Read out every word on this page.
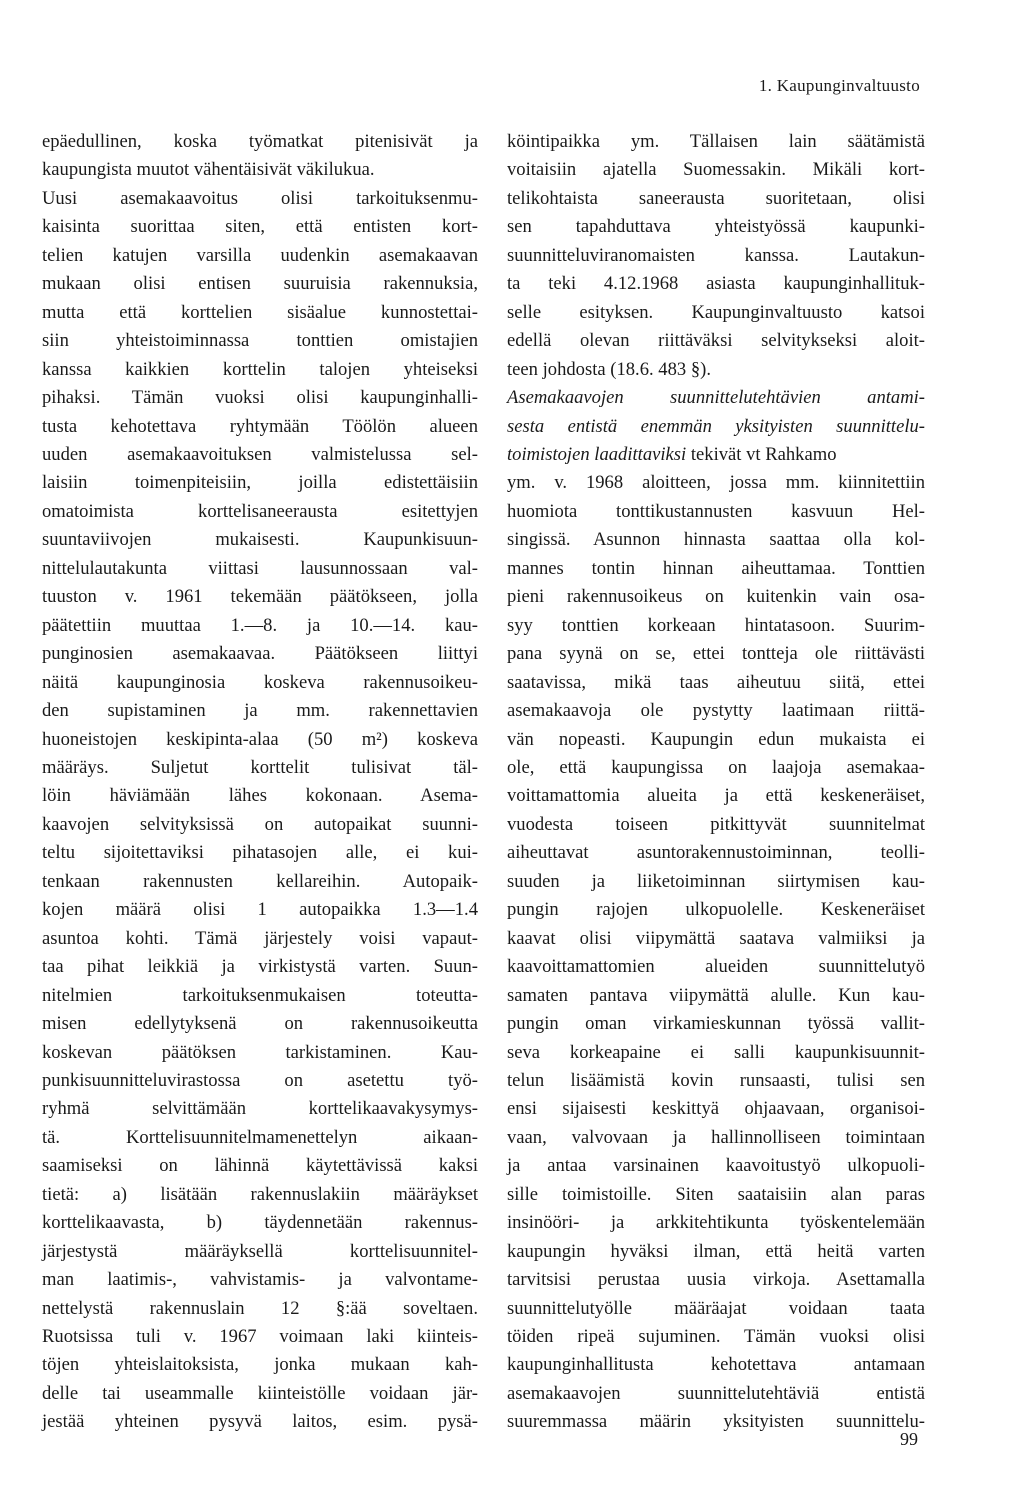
1. Kaupunginvaltuusto
epäedullinen, koska työmatkat pitenisivät ja
kaupungista muutot vähentäisivät väkilukua.
Uusi asemakaavoitus olisi tarkoituksenmu-
kaisinta suorittaa siten, että entisten kort-
telien katujen varsilla uudenkin asemakaavan
mukaan olisi entisen suuruisia rakennuksia,
mutta että korttelien sisäalue kunnostettai-
siin yhteistoiminnassa tonttien omistajien
kanssa kaikkien korttelin talojen yhteiseksi
pihaksi. Tämän vuoksi olisi kaupunginhalli-
tusta kehotettava ryhtymään Töölön alueen
uuden asemakaavoituksen valmistelussa sel-
laisiin toimenpiteisiin, joilla edistettäisiin
omatoimista korttelisaneerausta esitettyjen
suuntaviivojen mukaisesti. Kaupunkisuun-
nittelulautakunta viittasi lausunnossaan val-
tuuston v. 1961 tekemään päätökseen, jolla
päätettiin muuttaa 1.—8. ja 10.—14. kau-
punginosien asemakaavaa. Päätökseen liittyi
näitä kaupunginosia koskeva rakennusoikeu-
den supistaminen ja mm. rakennettavien
huoneistojen keskipinta-alaa (50 m²) koskeva
määräys. Suljetut korttelit tulisivat täl-
löin häviämään lähes kokonaan. Asema-
kaavojen selvityksissä on autopaikat suunni-
teltu sijoitettaviksi pihatasojen alle, ei kui-
tenkaan rakennusten kellareihin. Autopaik-
kojen määrä olisi 1 autopaikka 1.3—1.4
asuntoa kohti. Tämä järjestely voisi vapaut-
taa pihat leikkiä ja virkistystä varten. Suun-
nitelmien tarkoituksenmukaisen toteutta-
misen edellytyksenä on rakennusoikeutta
koskevan päätöksen tarkistaminen. Kau-
punkisuunnitteluvirastossa on asetettu työ-
ryhmä selvittämään korttelikaavakysymys-
tä. Korttelisuunnitelmamenettelyn aikaan-
saamiseksi on lähinnä käytettävissä kaksi
tietä: a) lisätään rakennuslakiin määräykset
korttelikaavasta, b) täydennetään rakennus-
järjestystä määräyksellä korttelisuunnitel-
man laatimis-, vahvistamis- ja valvontame-
nettelystä rakennuslain 12 §:ää soveltaen.
Ruotsissa tuli v. 1967 voimaan laki kiinteis-
töjen yhteislaitoksista, jonka mukaan kah-
delle tai useammalle kiinteistölle voidaan jär-
jestää yhteinen pysyvä laitos, esim. pysä-
köintipaikka ym. Tällaisen lain säätämistä
voitaisiin ajatella Suomessakin. Mikäli kort-
telikohtaista saneerausta suoritetaan, olisi
sen tapahduttava yhteistyössä kaupunki-
suunnitteluviranomaisten kanssa. Lautakun-
ta teki 4.12.1968 asiasta kaupunginhallituk-
selle esityksen. Kaupunginvaltuusto katsoi
edellä olevan riittäväksi selvitykseksi aloit-
teen johdosta (18.6. 483 §).
Asemakaavojen suunnittelutehtävien antami-
sesta entistä enemmän yksityisten suunnittelu-
toimistojen laadittaviksi tekivät vt Rahkamo
ym. v. 1968 aloitteen, jossa mm. kiinnitettiin
huomiota tonttikustannusten kasvuun Hel-
singissä. Asunnon hinnasta saattaa olla kol-
mannes tontin hinnan aiheuttamaa. Tonttien
pieni rakennusoikeus on kuitenkin vain osa-
syy tonttien korkeaan hintatasoon. Suurim-
pana syynä on se, ettei tontteja ole riittävästi
saatavissa, mikä taas aiheutuu siitä, ettei
asemakaavoja ole pystytty laatimaan riittä-
vän nopeasti. Kaupungin edun mukaista ei
ole, että kaupungissa on laajoja asemakaa-
voittamattomia alueita ja että keskeneräiset,
vuodesta toiseen pitkittyvät suunnitelmat
aiheuttavat asuntorakennustoiminnan, teolli-
suuden ja liiketoiminnan siirtymisen kau-
pungin rajojen ulkopuolelle. Keskeneräiset
kaavat olisi viipymättä saatava valmiiksi ja
kaavoittamattomien alueiden suunnittelutyö
samaten pantava viipymättä alulle. Kun kau-
pungin oman virkamieskunnan työssä vallit-
seva korkeapaine ei salli kaupunkisuunnit-
telun lisäämistä kovin runsaasti, tulisi sen
ensi sijaisesti keskittyä ohjaavaan, organisoi-
vaan, valvovaan ja hallinnolliseen toimintaan
ja antaa varsinainen kaavoitustyö ulkopuoli-
sille toimistoille. Siten saataisiin alan paras
insinööri- ja arkkitehtikunta työskentelemään
kaupungin hyväksi ilman, että heitä varten
tarvitsisi perustaa uusia virkoja. Asettamalla
suunnittelutyölle määräajat voidaan taata
töiden ripeä sujuminen. Tämän vuoksi olisi
kaupunginhallitusta kehotettava antamaan
asemakaavojen suunnittelutehtäviä entistä
suuremmassa määrin yksityisten suunnittelu-
99
